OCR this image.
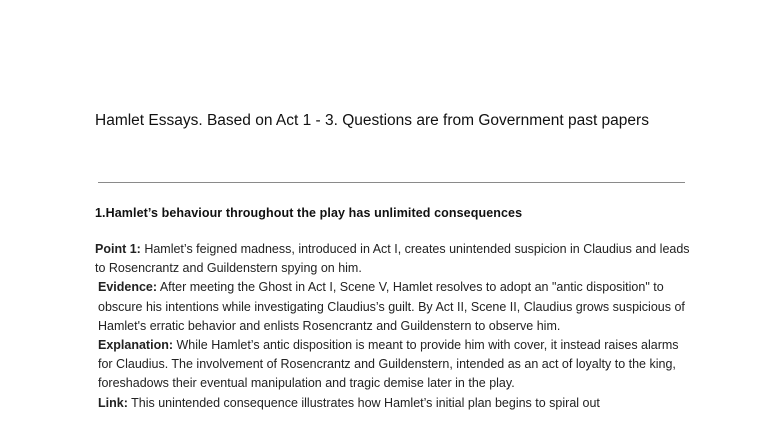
Hamlet Essays. Based on Act 1 - 3. Questions are from Government past papers
1.Hamlet’s behaviour throughout the play has unlimited consequences

Point 1: Hamlet’s feigned madness, introduced in Act I, creates unintended suspicion in Claudius and leads to Rosencrantz and Guildenstern spying on him.

Evidence: After meeting the Ghost in Act I, Scene V, Hamlet resolves to adopt an "antic disposition" to obscure his intentions while investigating Claudius’s guilt. By Act II, Scene II, Claudius grows suspicious of Hamlet's erratic behavior and enlists Rosencrantz and Guildenstern to observe him.

Explanation: While Hamlet’s antic disposition is meant to provide him with cover, it instead raises alarms for Claudius. The involvement of Rosencrantz and Guildenstern, intended as an act of loyalty to the king, foreshadows their eventual manipulation and tragic demise later in the play.

Link: This unintended consequence illustrates how Hamlet’s initial plan begins to spiral out
